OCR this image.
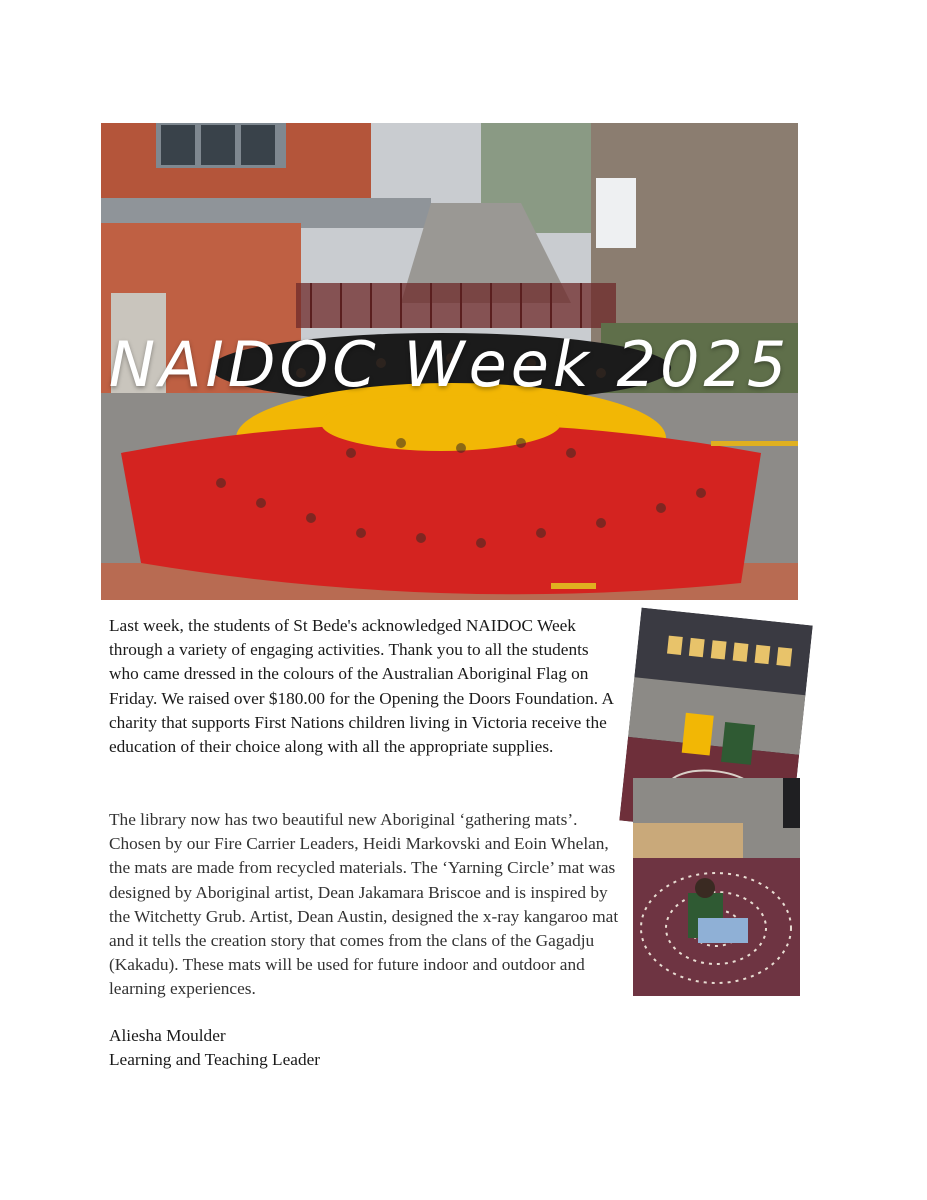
NAIDOC Week 2025

Last week, the students of St Bede's acknowledged NAIDOC Week through a variety of engaging activities. Thank you to all the students who came dressed in the colours of the Australian Aboriginal Flag on Friday. We raised over $180.00 for the Opening the Doors Foundation. A charity that supports First Nations children living in Victoria receive the education of their choice along with all the appropriate supplies.

The library now has two beautiful new Aboriginal ‘gathering mats’. Chosen by our Fire Carrier Leaders, Heidi Markovski and Eoin Whelan, the mats are made from recycled materials. The ‘Yarning Circle’ mat was designed by Aboriginal artist, Dean Jakamara Briscoe and is inspired by the Witchetty Grub. Artist, Dean Austin, designed the x-ray kangaroo mat and it tells the creation story that comes from the clans of the Gagadju (Kakadu). These mats will be used for future indoor and outdoor and learning experiences.

Aliesha Moulder
Learning and Teaching Leader
